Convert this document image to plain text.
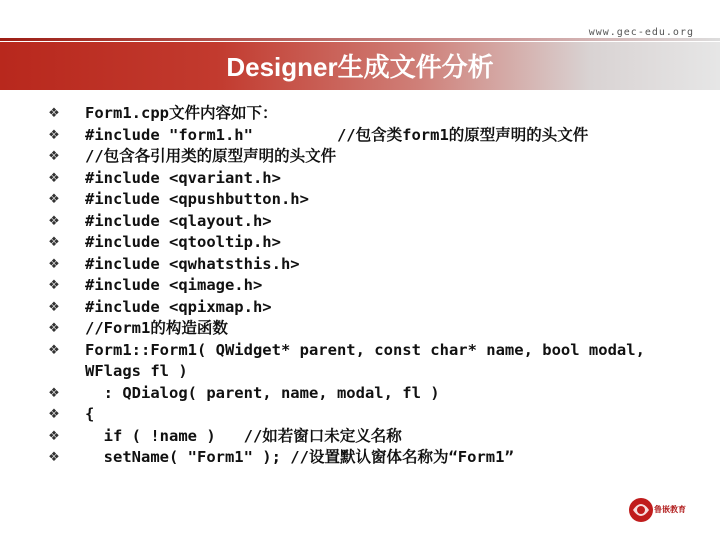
www.gec-edu.org
Designer生成文件分析
❖ Form1.cpp文件内容如下：
❖ #include "form1.h"         //包含类form1的原型声明的头文件
❖ //包含各引用类的原型声明的头文件
❖ #include <qvariant.h>
❖ #include <qpushbutton.h>
❖ #include <qlayout.h>
❖ #include <qtooltip.h>
❖ #include <qwhatsthis.h>
❖ #include <qimage.h>
❖ #include <qpixmap.h>
❖ //Form1的构造函数
❖ Form1::Form1( QWidget* parent, const char* name, bool modal, WFlags fl )
❖ : QDialog( parent, name, modal, fl )
❖ {
❖ if ( !name )   //如若窗口未定义名称
❖ setName( "Form1" ); //设置默认窗体名称为“Form1”
鲁嵌教育
